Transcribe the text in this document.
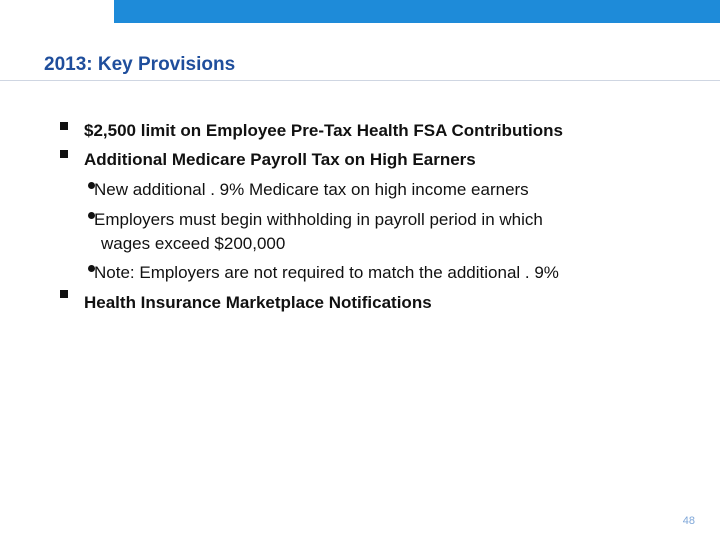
2013: Key Provisions
$2,500 limit on Employee Pre-Tax Health FSA Contributions
Additional Medicare Payroll Tax on High Earners
New additional . 9% Medicare tax on high income earners
Employers must begin withholding in payroll period in which
wages exceed $200,000
Note: Employers are not required to match the additional . 9%
Health Insurance Marketplace Notifications
48
